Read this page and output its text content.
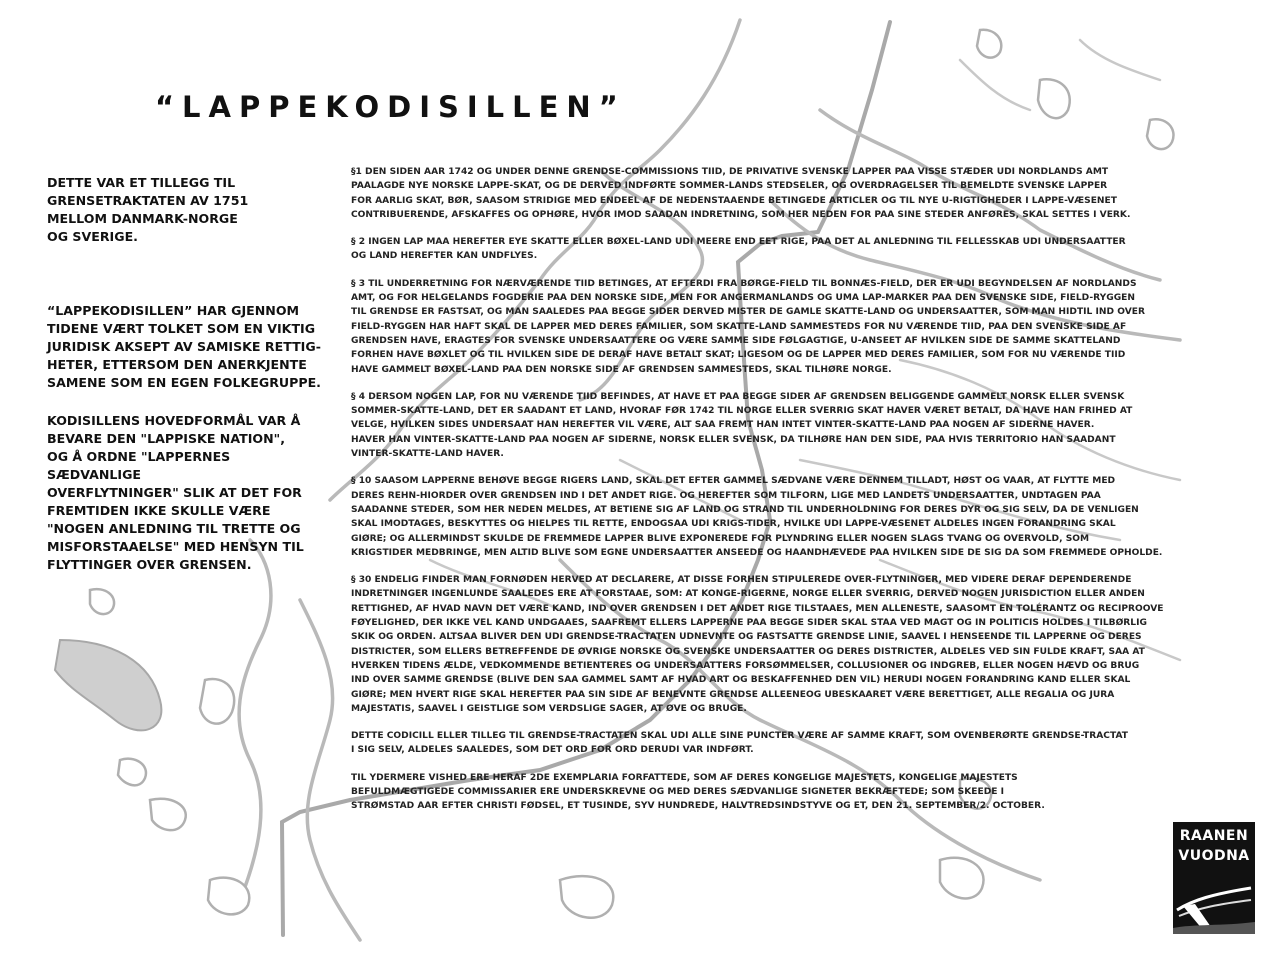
“LAPPEKODISILLEN”

DETTE VAR ET TILLEGG TIL
GRENSETRAKTATEN AV 1751
MELLOM DANMARK-NORGE
OG SVERIGE.

“LAPPEKODISILLEN” HAR GJENNOM
TIDENE VÆRT TOLKET SOM EN VIKTIG
JURIDISK AKSEPT AV SAMISKE RETTIG-
HETER, ETTERSOM DEN ANERKJENTE
SAMENE SOM EN EGEN FOLKEGRUPPE.

KODISILLENS HOVEDFORMÅL VAR Å
BEVARE DEN "LAPPISKE NATION",
OG Å ORDNE "LAPPERNES SÆDVANLIGE
OVERFLYTNINGER" SLIK AT DET FOR
FREMTIDEN IKKE SKULLE VÆRE
"NOGEN ANLEDNING TIL TRETTE OG
MISFORSTAAELSE" MED HENSYN TIL
FLYTTINGER OVER GRENSEN.

§1 DEN SIDEN AAR 1742 OG UNDER DENNE GRENDSE-COMMISSIONS TIID, DE PRIVATIVE SVENSKE LAPPER PAA VISSE STÆDER UDI NORDLANDS AMT
PAALAGDE NYE NORSKE LAPPE-SKAT, OG DE DERVED INDFØRTE SOMMER-LANDS STEDSELER, OG OVERDRAGELSER TIL BEMELDTE SVENSKE LAPPER
FOR AARLIG SKAT, BØR, SAASOM STRIDIGE MED ENDEEL AF DE NEDENSTAAENDE BETINGEDE ARTICLER OG TIL NYE U-RIGTIGHEDER I LAPPE-VÆSENET
CONTRIBUERENDE, AFSKAFFES OG OPHØRE, HVOR IMOD SAADAN INDRETNING, SOM HER NEDEN FOR PAA SINE STEDER ANFØRES, SKAL SETTES I VERK.

§ 2 INGEN LAP MAA HEREFTER EYE SKATTE ELLER BØXEL-LAND UDI MEERE END EET RIGE, PAA DET AL ANLEDNING TIL FELLESSKAB UDI UNDERSAATTER
OG LAND HEREFTER KAN UNDFLYES.

§ 3 TIL UNDERRETNING FOR NÆRVÆRENDE TIID BETINGES, AT EFTERDI FRA BØRGE-FIELD TIL BONNÆS-FIELD, DER ER UDI BEGYNDELSEN AF NORDLANDS
AMT, OG FOR HELGELANDS FOGDERIE PAA DEN NORSKE SIDE, MEN FOR ANGERMANLANDS OG UMA LAP-MARKER PAA DEN SVENSKE SIDE, FIELD-RYGGEN
TIL GRENDSE ER FASTSAT, OG MAN SAALEDES PAA BEGGE SIDER DERVED MISTER DE GAMLE SKATTE-LAND OG UNDERSAATTER, SOM MAN HIDTIL IND OVER
FIELD-RYGGEN HAR HAFT SKAL DE LAPPER MED DERES FAMILIER, SOM SKATTE-LAND SAMMESTEDS FOR NU VÆRENDE TIID, PAA DEN SVENSKE SIDE AF
GRENDSEN HAVE, ERAGTES FOR SVENSKE UNDERSAATTERE OG VÆRE SAMME SIDE FØLGAGTIGE, U-ANSEET AF HVILKEN SIDE DE SAMME SKATTELAND
FORHEN HAVE BØXLET OG TIL HVILKEN SIDE DE DERAF HAVE BETALT SKAT; LIGESOM OG DE LAPPER MED DERES FAMILIER, SOM FOR NU VÆRENDE TIID
HAVE GAMMELT BØXEL-LAND PAA DEN NORSKE SIDE AF GRENDSEN SAMMESTEDS, SKAL TILHØRE NORGE.

§ 4 DERSOM NOGEN LAP, FOR NU VÆRENDE TIID BEFINDES, AT HAVE ET PAA BEGGE SIDER AF GRENDSEN BELIGGENDE GAMMELT NORSK ELLER SVENSK
SOMMER-SKATTE-LAND, DET ER SAADANT ET LAND, HVORAF FØR 1742 TIL NORGE ELLER SVERRIG SKAT HAVER VÆRET BETALT, DA HAVE HAN FRIHED AT
VELGE, HVILKEN SIDES UNDERSAAT HAN HEREFTER VIL VÆRE, ALT SAA FREMT HAN INTET VINTER-SKATTE-LAND PAA NOGEN AF SIDERNE HAVER.
HAVER HAN VINTER-SKATTE-LAND PAA NOGEN AF SIDERNE, NORSK ELLER SVENSK, DA TILHØRE HAN DEN SIDE, PAA HVIS TERRITORIO HAN SAADANT
VINTER-SKATTE-LAND HAVER.

§ 10 SAASOM LAPPERNE BEHØVE BEGGE RIGERS LAND, SKAL DET EFTER GAMMEL SÆDVANE VÆRE DENNEM TILLADT, HØST OG VAAR, AT FLYTTE MED
DERES REHN-HIORDER OVER GRENDSEN IND I DET ANDET RIGE. OG HEREFTER SOM TILFORN, LIGE MED LANDETS UNDERSAATTER, UNDTAGEN PAA
SAADANNE STEDER, SOM HER NEDEN MELDES, AT BETIENE SIG AF LAND OG STRAND TIL UNDERHOLDNING FOR DERES DYR OG SIG SELV, DA DE VENLIGEN
SKAL IMODTAGES, BESKYTTES OG HIELPES TIL RETTE, ENDOGSAA UDI KRIGS-TIDER, HVILKE UDI LAPPE-VÆSENET ALDELES INGEN FORANDRING SKAL
GIØRE; OG ALLERMINDST SKULDE DE FREMMEDE LAPPER BLIVE EXPONEREDE FOR PLYNDRING ELLER NOGEN SLAGS TVANG OG OVERVOLD, SOM
KRIGSTIDER MEDBRINGE, MEN ALTID BLIVE SOM EGNE UNDERSAATTER ANSEEDE OG HAANDHÆVEDE PAA HVILKEN SIDE DE SIG DA SOM FREMMEDE OPHOLDE.

§ 30 ENDELIG FINDER MAN FORNØDEN HERVED AT DECLARERE, AT DISSE FORHEN STIPULEREDE OVER-FLYTNINGER, MED VIDERE DERAF DEPENDERENDE
INDRETNINGER INGENLUNDE SAALEDES ERE AT FORSTAAE, SOM: AT KONGE-RIGERNE, NORGE ELLER SVERRIG, DERVED NOGEN JURISDICTION ELLER ANDEN
RETTIGHED, AF HVAD NAVN DET VÆRE KAND, IND OVER GRENDSEN I DET ANDET RIGE TILSTAAES, MEN ALLENESTE, SAASOMT EN TOLÉRANTZ OG RECIPROOVE
FØYELIGHED, DER IKKE VEL KAND UNDGAAES, SAAFREMT ELLERS LAPPERNE PAA BEGGE SIDER SKAL STAA VED MAGT OG IN POLITICIS HOLDES I TILBØRLIG
SKIK OG ORDEN. ALTSAA BLIVER DEN UDI GRENDSE-TRACTATEN UDNEVNTE OG FASTSATTE GRENDSE LINIE, SAAVEL I HENSEENDE TIL LAPPERNE OG DERES
DISTRICTER, SOM ELLERS BETREFFENDE DE ØVRIGE NORSKE OG SVENSKE UNDERSAATTER OG DERES DISTRICTER, ALDELES VED SIN FULDE KRAFT, SAA AT
HVERKEN TIDENS ÆLDE, VEDKOMMENDE BETIENTERES OG UNDERSAATTERS FORSØMMELSER, COLLUSIONER OG INDGREB, ELLER NOGEN HÆVD OG BRUG
IND OVER SAMME GRENDSE (BLIVE DEN SAA GAMMEL SAMT AF HVAD ART OG BESKAFFENHED DEN VIL) HERUDI NOGEN FORANDRING KAND ELLER SKAL
GIØRE; MEN HVERT RIGE SKAL HEREFTER PAA SIN SIDE AF BENEVNTE GRENDSE ALLEENEOG UBESKAARET VÆRE BERETTIGET, ALLE REGALIA OG JURA
MAJESTATIS, SAAVEL I GEISTLIGE SOM VERDSLIGE SAGER, AT ØVE OG BRUGE.

DETTE CODICILL ELLER TILLEG TIL GRENDSE-TRACTATEN SKAL UDI ALLE SINE PUNCTER VÆRE AF SAMME KRAFT, SOM OVENBERØRTE GRENDSE-TRACTAT
I SIG SELV, ALDELES SAALEDES, SOM DET ORD FOR ORD DERUDI VAR INDFØRT.

TIL YDERMERE VISHED ERE HERAF 2DE EXEMPLARIA FORFATTEDE, SOM AF DERES KONGELIGE MAJESTETS, KONGELIGE MAJESTETS
BEFULDMÆGTIGEDE COMMISSARIER ERE UNDERSKREVNE OG MED DERES SÆDVANLIGE SIGNETER BEKRÆFTEDE; SOM SKEEDE I
STRØMSTAD AAR EFTER CHRISTI FØDSEL, ET TUSINDE, SYV HUNDREDE, HALVTREDSINDSTYVE OG ET, DEN 21. SEPTEMBER/2. OCTOBER.

RAANEN
VUODNA
